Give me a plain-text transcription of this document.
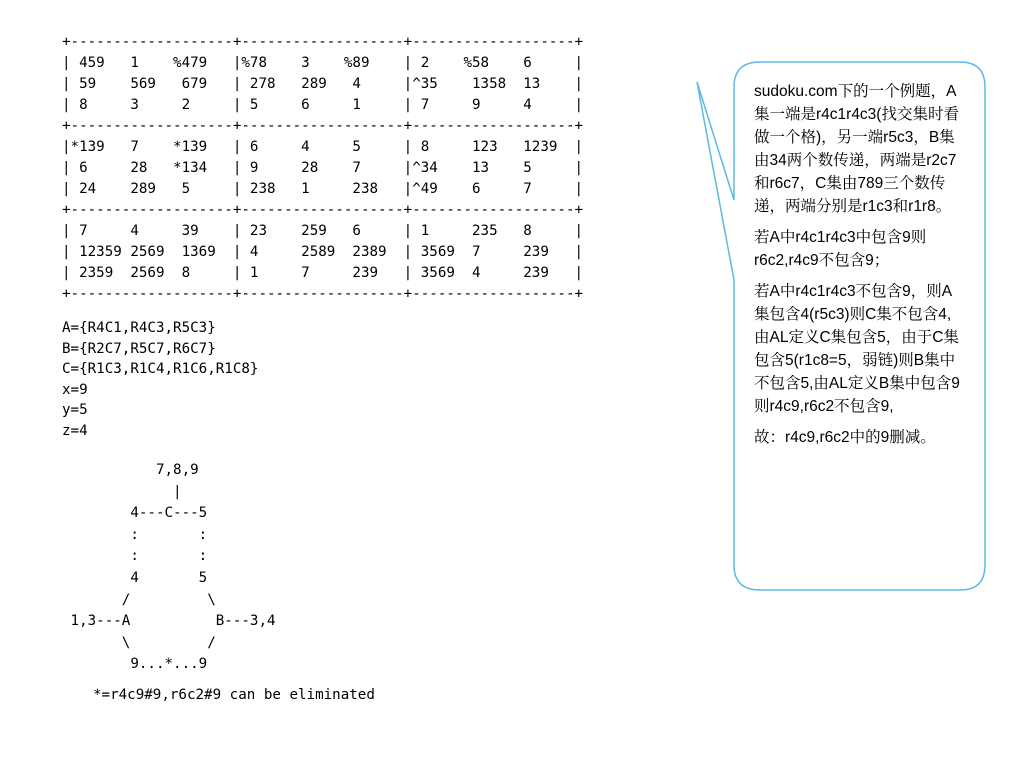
+-------------------+-------------------+-------------------+
| 459   1    %479   |%78    3    %89    | 2    %58    6     |
| 59    569   679   | 278   289   4     |^35    1358  13    |
| 8     3     2     | 5     6     1     | 7     9     4     |
+-------------------+-------------------+-------------------+
|*139   7    *139   | 6     4     5     | 8     123   1239  |
| 6     28   *134   | 9     28    7     |^34    13    5     |
| 24    289   5     | 238   1     238   |^49    6     7     |
+-------------------+-------------------+-------------------+
| 7     4     39    | 23    259   6     | 1     235   8     |
| 12359 2569  1369  | 4     2589  2389  | 3569  7     239   |
| 2359  2569  8     | 1     7     239   | 3569  4     239   |
+-------------------+-------------------+-------------------+
A={R4C1,R4C3,R5C3}
B={R2C7,R5C7,R6C7}
C={R1C3,R1C4,R1C6,R1C8}
x=9
y=5
z=4
7,8,9
|
4---C---5
:       :
:       :
4       5
/         \
1,3---A          B---3,4
\         /
9...*...9
*=r4c9#9,r6c2#9 can be eliminated

sudoku.com下的一个例题，A集一端是r4c1r4c3(找交集时看做一个格)，另一端r5c3，B集由34两个数传递，两端是r2c7和r6c7，C集由789三个数传递，两端分别是r1c3和r1r8。

若A中r4c1r4c3中包含9则r6c2,r4c9不包含9；

若A中r4c1r4c3不包含9，则A集包含4(r5c3)则C集不包含4,由AL定义C集包含5，由于C集包含5(r1c8=5，弱链)则B集中不包含5,由AL定义B集中包含9则r4c9,r6c2不包含9,

故：r4c9,r6c2中的9删减。
